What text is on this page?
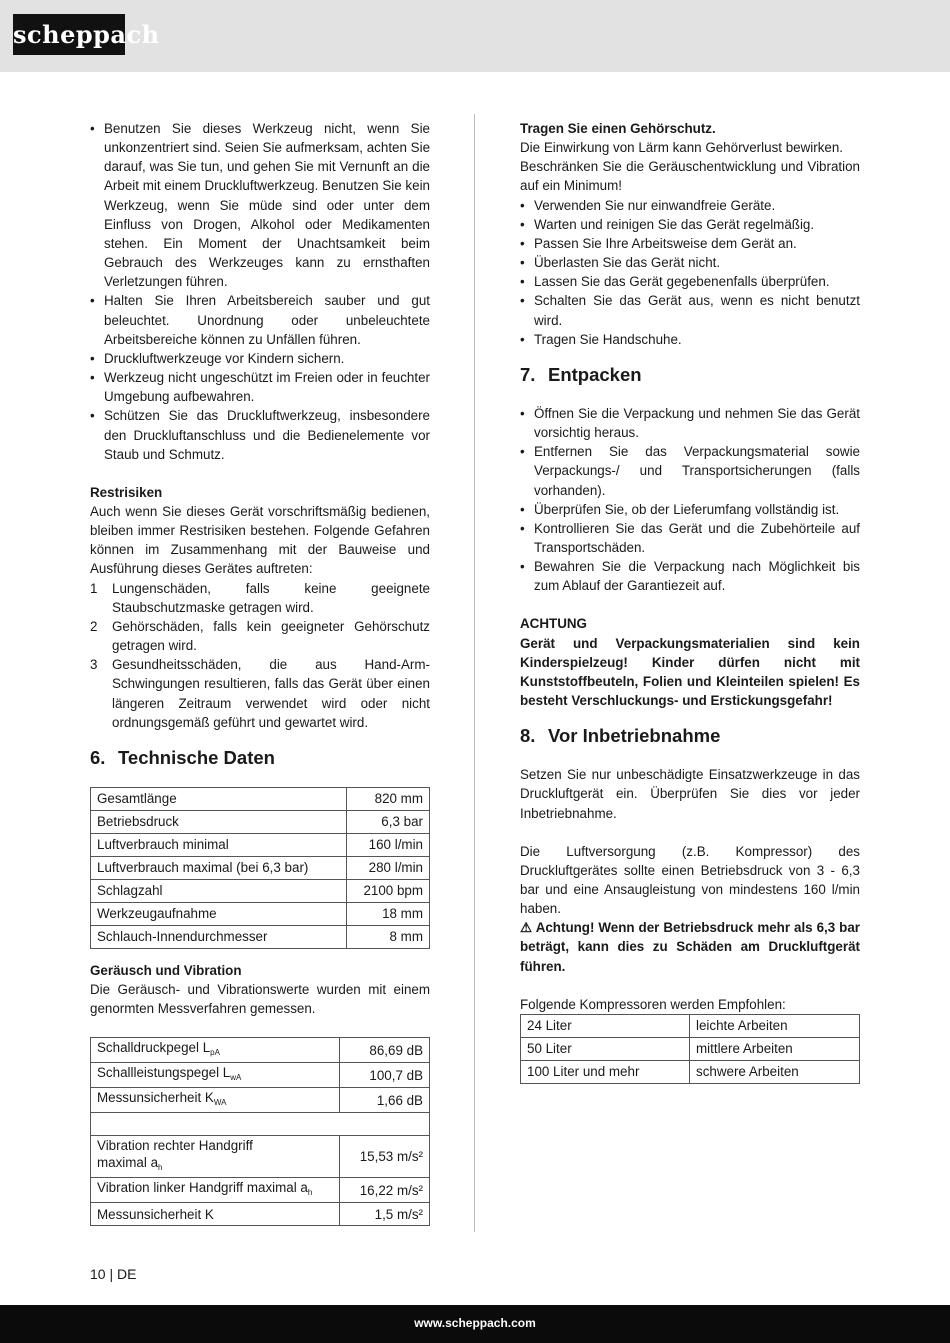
scheppach
• Benutzen Sie dieses Werkzeug nicht, wenn Sie unkonzentriert sind. Seien Sie aufmerksam, achten Sie darauf, was Sie tun, und gehen Sie mit Vernunft an die Arbeit mit einem Druckluftwerkzeug. Benutzen Sie kein Werkzeug, wenn Sie müde sind oder unter dem Einfluss von Drogen, Alkohol oder Medikamenten stehen. Ein Moment der Unachtsamkeit beim Gebrauch des Werkzeuges kann zu ernsthaften Verletzungen führen.
• Halten Sie Ihren Arbeitsbereich sauber und gut beleuchtet. Unordnung oder unbeleuchtete Arbeitsbereiche können zu Unfällen führen.
• Druckluftwerkzeuge vor Kindern sichern.
• Werkzeug nicht ungeschützt im Freien oder in feuchter Umgebung aufbewahren.
• Schützen Sie das Druckluftwerkzeug, insbesondere den Druckluftanschluss und die Bedienelemente vor Staub und Schmutz.

Restrisiken

Auch wenn Sie dieses Gerät vorschriftsmäßig bedienen, bleiben immer Restrisiken bestehen. Folgende Gefahren können im Zusammenhang mit der Bauweise und Ausführung dieses Gerätes auftreten:

1 Lungenschäden, falls keine geeignete Staubschutzmaske getragen wird.
2 Gehörschäden, falls kein geeigneter Gehörschutz getragen wird.
3 Gesundheitsschäden, die aus Hand-Arm- Schwingungen resultieren, falls das Gerät über einen längeren Zeitraum verwendet wird oder nicht ordnungsgemäß geführt und gewartet wird.

6. Technische Daten

Gesamtlänge	820 mm
Betriebsdruck	6,3 bar
Luftverbrauch minimal	160 l/min
Luftverbrauch maximal (bei 6,3 bar)	280 l/min
Schlagzahl	2100 bpm
Werkzeugaufnahme	18 mm
Schlauch-Innendurchmesser	8 mm

Geräusch und Vibration

Die Geräusch- und Vibrationswerte wurden mit einem genormten Messverfahren gemessen.

Schalldruckpegel $L_{pA}$	86,69 dB
Schallleistungspegel $L_{wA}$	100,7 dB
Messunsicherheit $K_{WA}$	1,66 dB

Vibration rechter Handgriff
maximal $a_h$	15,53 m/s²
Vibration linker Handgriff maximal $a_h$	16,22 m/s²
Messunsicherheit K	1,5 m/s²

Tragen Sie einen Gehörschutz.

Die Einwirkung von Lärm kann Gehörverlust bewirken.

Beschränken Sie die Geräuschentwicklung und Vibration auf ein Minimum!

• Verwenden Sie nur einwandfreie Geräte.
• Warten und reinigen Sie das Gerät regelmäßig.
• Passen Sie Ihre Arbeitsweise dem Gerät an.
• Überlasten Sie das Gerät nicht.
• Lassen Sie das Gerät gegebenenfalls überprüfen.
• Schalten Sie das Gerät aus, wenn es nicht benutzt wird.
• Tragen Sie Handschuhe.

7. Entpacken

• Öffnen Sie die Verpackung und nehmen Sie das Gerät vorsichtig heraus.
• Entfernen Sie das Verpackungsmaterial sowie Verpackungs-/ und Transportsicherungen (falls vorhanden).
• Überprüfen Sie, ob der Lieferumfang vollständig ist.
• Kontrollieren Sie das Gerät und die Zubehörteile auf Transportschäden.
• Bewahren Sie die Verpackung nach Möglichkeit bis zum Ablauf der Garantiezeit auf.

ACHTUNG

Gerät und Verpackungsmaterialien sind kein Kinderspielzeug! Kinder dürfen nicht mit Kunststoffbeuteln, Folien und Kleinteilen spielen! Es besteht Verschluckungs- und Erstickungsgefahr!

8. Vor Inbetriebnahme

Setzen Sie nur unbeschädigte Einsatzwerkzeuge in das Druckluftgerät ein. Überprüfen Sie dies vor jeder Inbetriebnahme.

Die Luftversorgung (z.B. Kompressor) des Druckluftgerätes sollte einen Betriebsdruck von 3 - 6,3 bar und eine Ansaugleistung von mindestens 160 l/min haben.

⚠ Achtung! Wenn der Betriebsdruck mehr als 6,3 bar beträgt, kann dies zu Schäden am Druckluftgerät führen.

Folgende Kompressoren werden Empfohlen:

24 Liter	leichte Arbeiten
50 Liter	mittlere Arbeiten
100 Liter und mehr	schwere Arbeiten
10 | DE
www.scheppach.com
